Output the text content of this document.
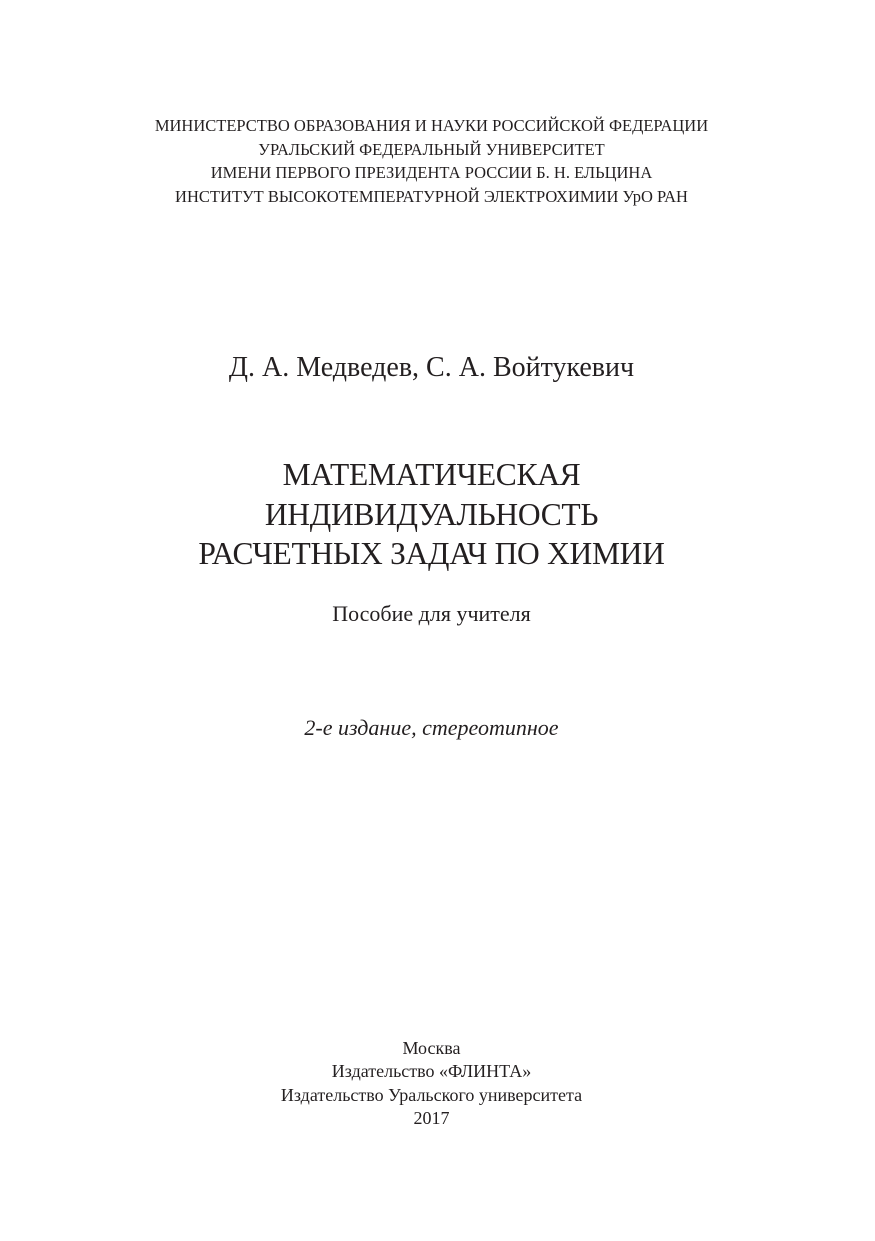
МИНИСТЕРСТВО ОБРАЗОВАНИЯ И НАУКИ РОССИЙСКОЙ ФЕДЕРАЦИИ
УРАЛЬСКИЙ ФЕДЕРАЛЬНЫЙ УНИВЕРСИТЕТ
ИМЕНИ ПЕРВОГО ПРЕЗИДЕНТА РОССИИ Б. Н. ЕЛЬЦИНА
ИНСТИТУТ ВЫСОКОТЕМПЕРАТУРНОЙ ЭЛЕКТРОХИМИИ УрО РАН
Д. А. Медведев, С. А. Войтукевич
МАТЕМАТИЧЕСКАЯ
ИНДИВИДУАЛЬНОСТЬ
РАСЧЕТНЫХ ЗАДАЧ ПО ХИМИИ
Пособие для учителя
2-е издание, стереотипное
Москва
Издательство «ФЛИНТА»
Издательство Уральского университета
2017
